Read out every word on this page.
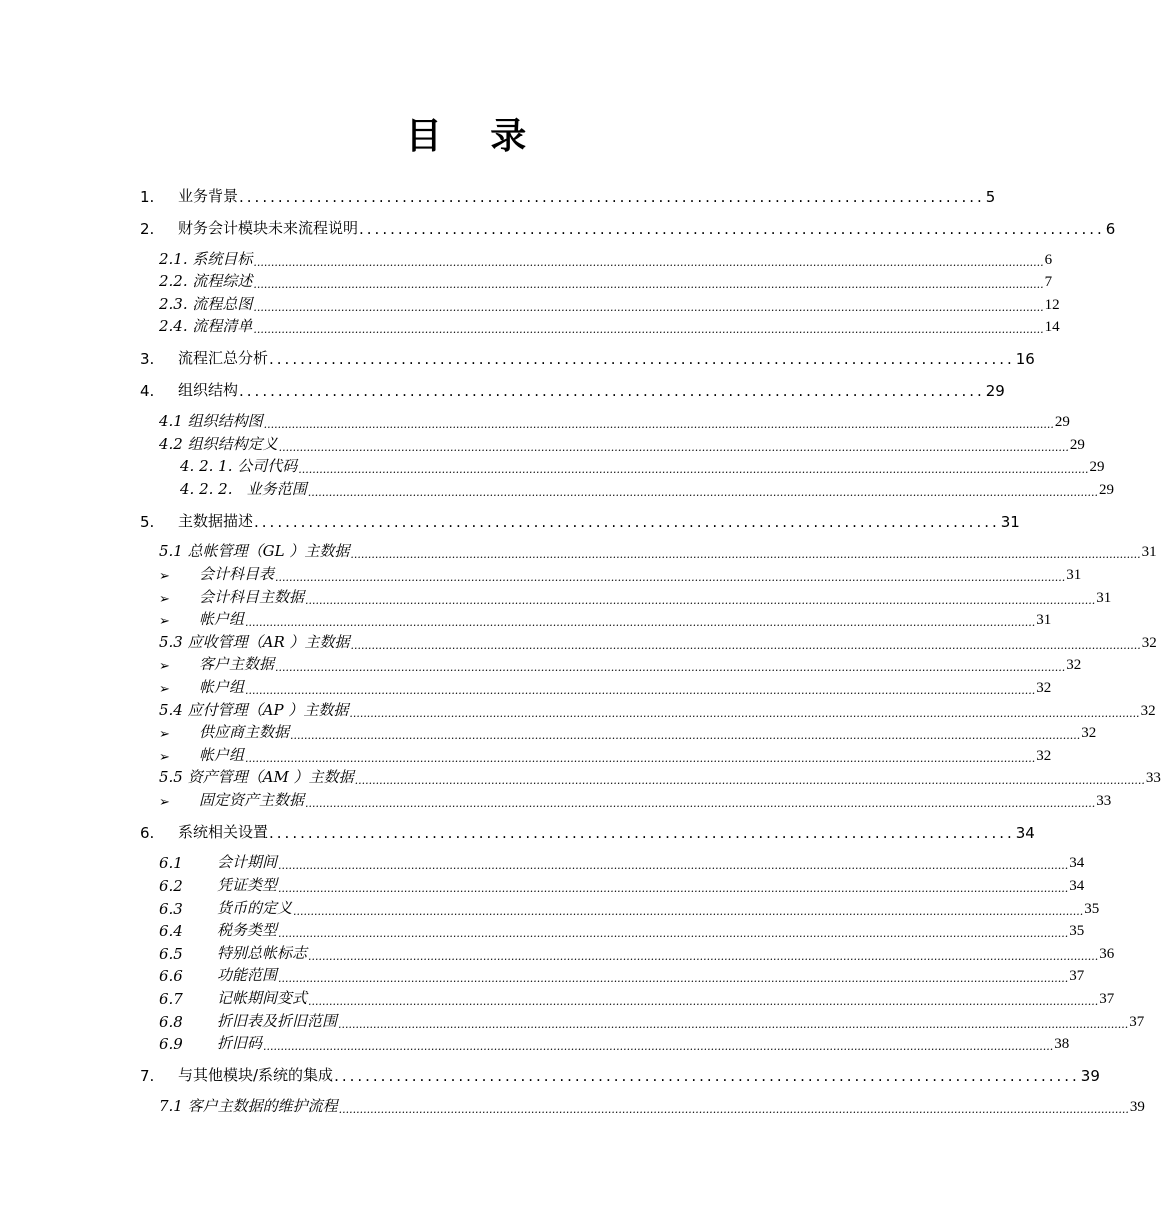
目 录
1.	业务背景 ................................................................................................ 5
2.	财务会计模块未来流程说明 ................................................................................................ 6
2.1. 系统目标 .................................................................................................................................................................................................................................. 6
2.2. 流程综述 .................................................................................................................................................................................................................................. 7
2.3. 流程总图 .................................................................................................................................................................................................................................. 12
2.4. 流程清单 .................................................................................................................................................................................................................................. 14
3.	流程汇总分析 ................................................................................................ 16
4.	组织结构 ................................................................................................ 29
4.1 组织结构图 .................................................................................................................................................................................................................................. 29
4.2 组织结构定义 .................................................................................................................................................................................................................................. 29
4. 2. 1. 公司代码 .................................................................................................................................................................................................................................. 29
4. 2. 2.   业务范围 .................................................................................................................................................................................................................................. 29
5.	主数据描述 ................................................................................................ 31
5.1 总帐管理（GL ）主数据 .................................................................................................................................................................................................................................. 31
➢	会计科目表 .................................................................................................................................................................................................................................. 31
➢	会计科目主数据 .................................................................................................................................................................................................................................. 31
➢	帐户组 .................................................................................................................................................................................................................................. 31
5.3 应收管理（AR ）主数据 .................................................................................................................................................................................................................................. 32
➢	客户主数据 .................................................................................................................................................................................................................................. 32
➢	帐户组 .................................................................................................................................................................................................................................. 32
5.4 应付管理（AP ）主数据 .................................................................................................................................................................................................................................. 32
➢	供应商主数据 .................................................................................................................................................................................................................................. 32
➢	帐户组 .................................................................................................................................................................................................................................. 32
5.5 资产管理（AM ）主数据 .................................................................................................................................................................................................................................. 33
➢	固定资产主数据 .................................................................................................................................................................................................................................. 33
6.	系统相关设置 ................................................................................................ 34
6.1	会计期间 .................................................................................................................................................................................................................................. 34
6.2	凭证类型 .................................................................................................................................................................................................................................. 34
6.3	货币的定义 .................................................................................................................................................................................................................................. 35
6.4	税务类型 .................................................................................................................................................................................................................................. 35
6.5	特别总帐标志 .................................................................................................................................................................................................................................. 36
6.6	功能范围 .................................................................................................................................................................................................................................. 37
6.7	记帐期间变式 .................................................................................................................................................................................................................................. 37
6.8	折旧表及折旧范围 .................................................................................................................................................................................................................................. 37
6.9	折旧码 .................................................................................................................................................................................................................................. 38
7.	与其他模块/系统的集成 ................................................................................................ 39
7.1 客户主数据的维护流程 .................................................................................................................................................................................................................................. 39
